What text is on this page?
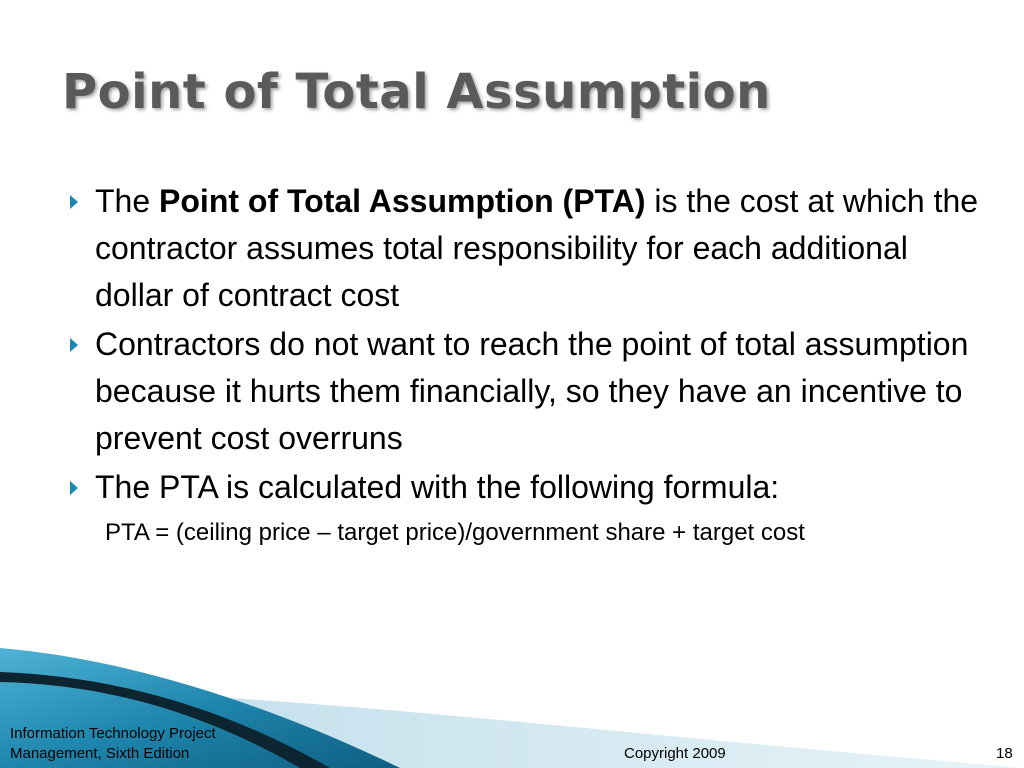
Point of Total Assumption
The Point of Total Assumption (PTA) is the cost at which the contractor assumes total responsibility for each additional dollar of contract cost
Contractors do not want to reach the point of total assumption because it hurts them financially, so they have an incentive to prevent cost overruns
The PTA is calculated with the following formula:
PTA = (ceiling price – target price)/government share + target cost
Information Technology Project
Management, Sixth Edition	Copyright 2009	18
